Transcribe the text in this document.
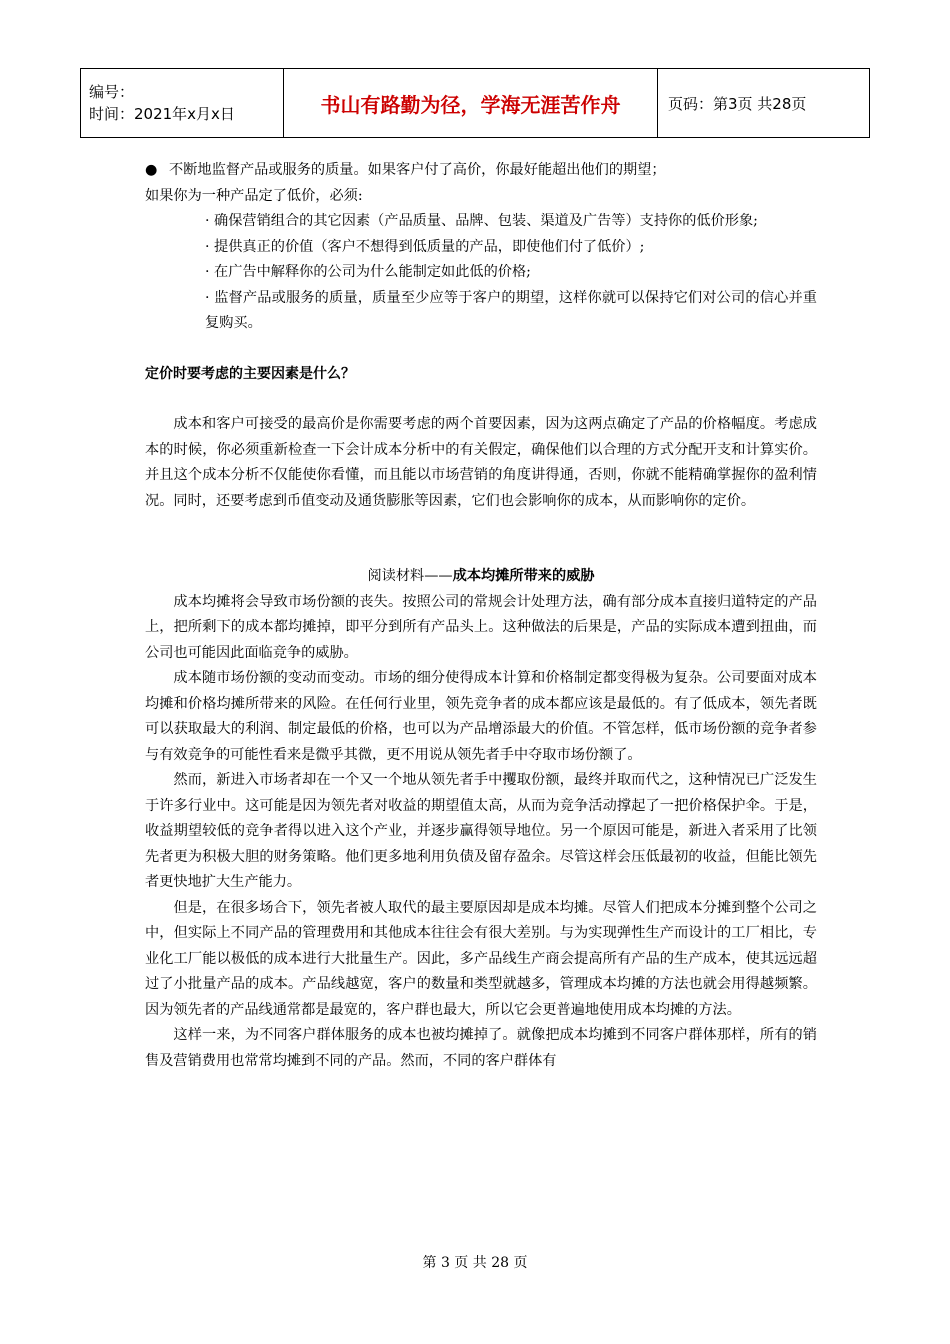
编号：
时间：2021年x月x日	书山有路勤为径，学海无涯苦作舟	页码：第3页 共28页
● 不断地监督产品或服务的质量。如果客户付了高价，你最好能超出他们的期望；

如果你为一种产品定了低价，必须:

· 确保营销组合的其它因素（产品质量、品牌、包装、渠道及广告等）支持你的低价形象;

· 提供真正的价值（客户不想得到低质量的产品，即使他们付了低价）;

· 在广告中解释你的公司为什么能制定如此低的价格;

· 监督产品或服务的质量，质量至少应等于客户的期望，这样你就可以保持它们对公司的信心并重复购买。

定价时要考虑的主要因素是什么？

成本和客户可接受的最高价是你需要考虑的两个首要因素，因为这两点确定了产品的价格幅度。考虑成本的时候，你必须重新检查一下会计成本分析中的有关假定，确保他们以合理的方式分配开支和计算实价。并且这个成本分析不仅能使你看懂，而且能以市场营销的角度讲得通，否则，你就不能精确掌握你的盈利情况。同时，还要考虑到币值变动及通货膨胀等因素，它们也会影响你的成本，从而影响你的定价。

阅读材料——成本均摊所带来的威胁

成本均摊将会导致市场份额的丧失。按照公司的常规会计处理方法，确有部分成本直接归道特定的产品上，把所剩下的成本都均摊掉，即平分到所有产品头上。这种做法的后果是，产品的实际成本遭到扭曲，而公司也可能因此面临竞争的威胁。

成本随市场份额的变动而变动。市场的细分使得成本计算和价格制定都变得极为复杂。公司要面对成本均摊和价格均摊所带来的风险。在任何行业里，领先竞争者的成本都应该是最低的。有了低成本，领先者既可以获取最大的利润、制定最低的价格，也可以为产品增添最大的价值。不管怎样，低市场份额的竞争者参与有效竞争的可能性看来是微乎其微，更不用说从领先者手中夺取市场份额了。

然而，新进入市场者却在一个又一个地从领先者手中攫取份额，最终并取而代之，这种情况已广泛发生于许多行业中。这可能是因为领先者对收益的期望值太高，从而为竞争活动撑起了一把价格保护伞。于是，收益期望较低的竞争者得以进入这个产业，并逐步赢得领导地位。另一个原因可能是，新进入者采用了比领先者更为积极大胆的财务策略。他们更多地利用负债及留存盈余。尽管这样会压低最初的收益，但能比领先者更快地扩大生产能力。

但是，在很多场合下，领先者被人取代的最主要原因却是成本均摊。尽管人们把成本分摊到整个公司之中，但实际上不同产品的管理费用和其他成本往往会有很大差别。与为实现弹性生产而设计的工厂相比，专业化工厂能以极低的成本进行大批量生产。因此，多产品线生产商会提高所有产品的生产成本，使其远远超过了小批量产品的成本。产品线越宽，客户的数量和类型就越多，管理成本均摊的方法也就会用得越频繁。因为领先者的产品线通常都是最宽的，客户群也最大，所以它会更普遍地使用成本均摊的方法。

这样一来，为不同客户群体服务的成本也被均摊掉了。就像把成本均摊到不同客户群体那样，所有的销售及营销费用也常常均摊到不同的产品。然而，不同的客户群体有

第 3 页 共 28 页
